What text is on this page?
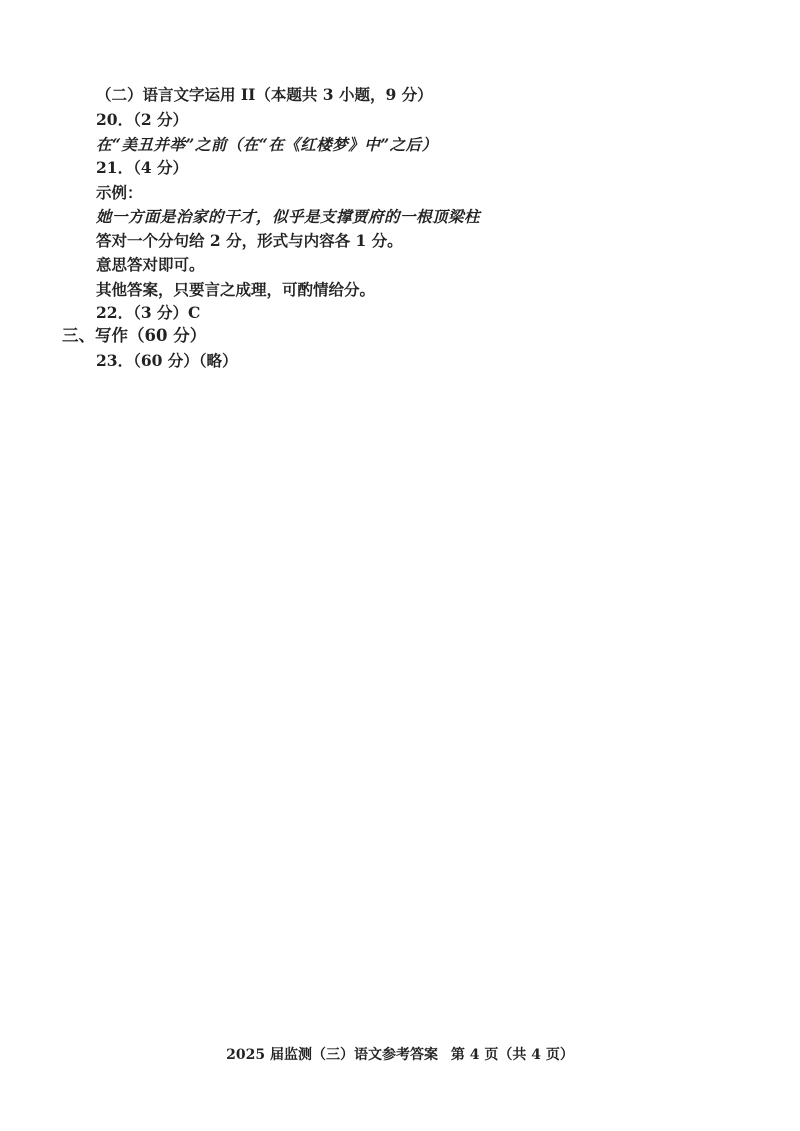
（二）语言文字运用 II（本题共 3 小题，9 分）
20．（2 分）
在“美丑并举”之前（在“在《红楼梦》中”之后）
21．（4 分）
示例：
她一方面是治家的干才，似乎是支撑贾府的一根顶梁柱
答对一个分句给 2 分，形式与内容各 1 分。
意思答对即可。
其他答案，只要言之成理，可酌情给分。
22．（3 分）C
三、写作（60 分）
23．（60 分）（略）
2025 届监测（三）语文参考答案 第 4 页（共 4 页）
